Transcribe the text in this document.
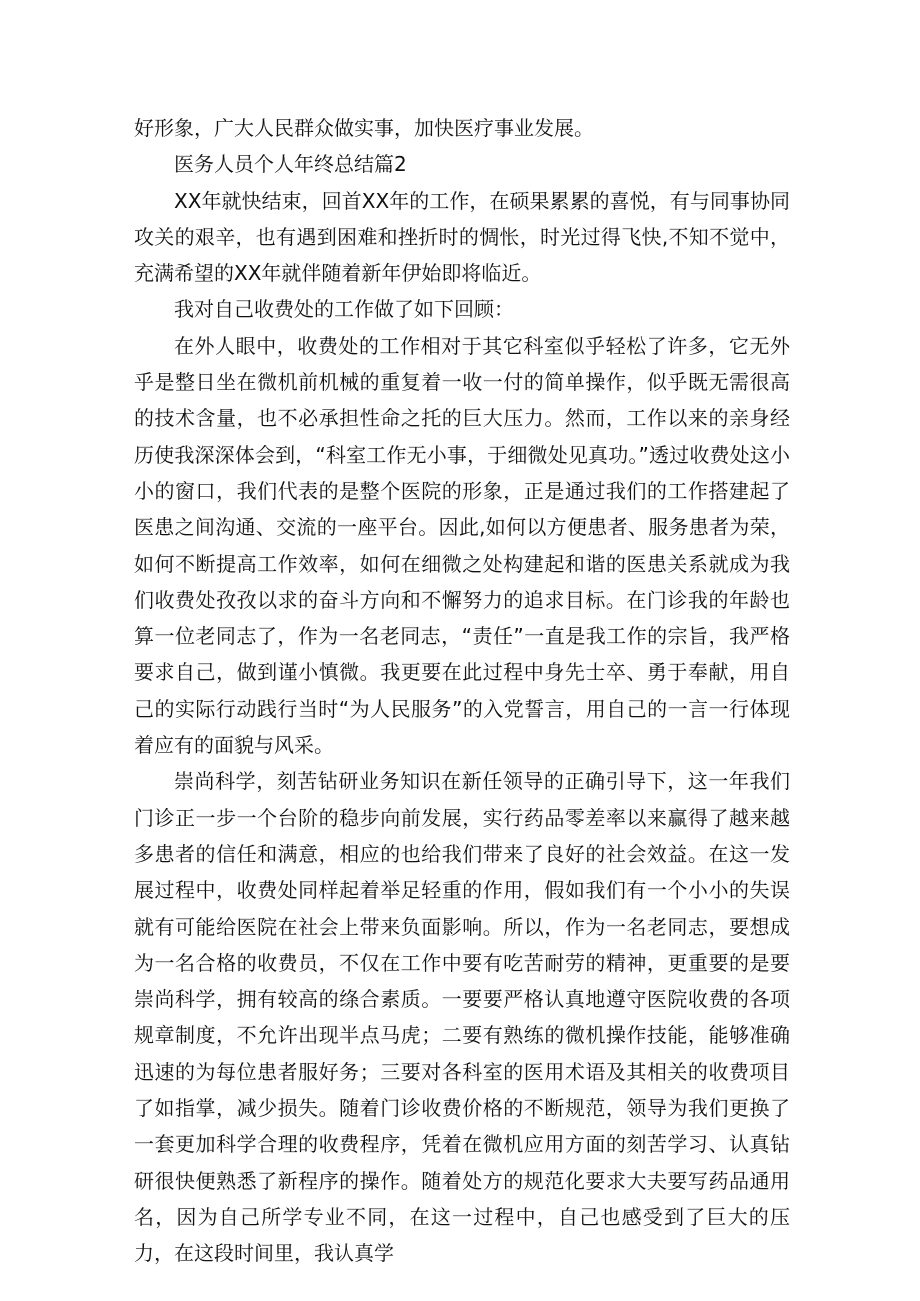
好形象，广大人民群众做实事，加快医疗事业发展。

医务人员个人年终总结篇2

XX年就快结束，回首XX年的工作，在硕果累累的喜悦，有与同事协同攻关的艰辛，也有遇到困难和挫折时的惆怅，时光过得飞快,不知不觉中，充满希望的XX年就伴随着新年伊始即将临近。

我对自己收费处的工作做了如下回顾：

在外人眼中，收费处的工作相对于其它科室似乎轻松了许多，它无外乎是整日坐在微机前机械的重复着一收一付的简单操作，似乎既无需很高的技术含量，也不必承担性命之托的巨大压力。然而，工作以来的亲身经历使我深深体会到，“科室工作无小事，于细微处见真功。”透过收费处这小小的窗口，我们代表的是整个医院的形象，正是通过我们的工作搭建起了医患之间沟通、交流的一座平台。因此,如何以方便患者、服务患者为荣，如何不断提高工作效率，如何在细微之处构建起和谐的医患关系就成为我们收费处孜孜以求的奋斗方向和不懈努力的追求目标。在门诊我的年龄也算一位老同志了，作为一名老同志，“责任”一直是我工作的宗旨，我严格要求自己，做到谨小慎微。我更要在此过程中身先士卒、勇于奉献，用自己的实际行动践行当时“为人民服务”的入党誓言，用自己的一言一行体现着应有的面貌与风采。

崇尚科学，刻苦钻研业务知识在新任领导的正确引导下，这一年我们门诊正一步一个台阶的稳步向前发展，实行药品零差率以来赢得了越来越多患者的信任和满意，相应的也给我们带来了良好的社会效益。在这一发展过程中，收费处同样起着举足轻重的作用，假如我们有一个小小的失误就有可能给医院在社会上带来负面影响。所以，作为一名老同志，要想成为一名合格的收费员，不仅在工作中要有吃苦耐劳的精神，更重要的是要崇尚科学，拥有较高的绦合素质。一要要严格认真地遵守医院收费的各项规章制度，不允许出现半点马虎；二要有熟练的微机操作技能，能够准确迅速的为每位患者服好务；三要对各科室的医用术语及其相关的收费项目了如指掌，减少损失。随着门诊收费价格的不断规范，领导为我们更换了一套更加科学合理的收费程序，凭着在微机应用方面的刻苦学习、认真钻研很快便熟悉了新程序的操作。随着处方的规范化要求大夫要写药品通用名，因为自己所学专业不同，在这一过程中，自己也感受到了巨大的压力，在这段时间里，我认真学
